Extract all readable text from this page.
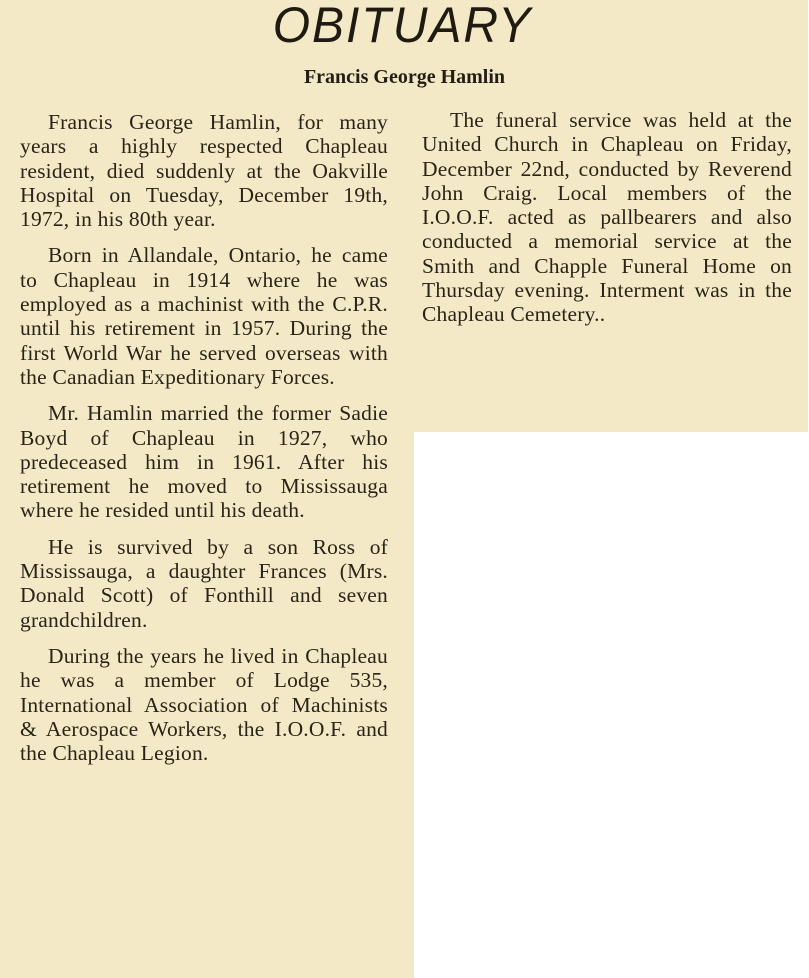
OBITUARY
Francis George Hamlin

Francis George Hamlin, for many years a highly respected Chapleau resident, died suddenly at the Oakville Hospital on Tuesday, December 19th, 1972, in his 80th year.

Born in Allandale, Ontario, he came to Chapleau in 1914 where he was employed as a machinist with the C.P.R. until his retirement in 1957. During the first World War he served overseas with the Canadian Expeditionary Forces.

Mr. Hamlin married the former Sadie Boyd of Chapleau in 1927, who predeceased him in 1961. After his retirement he moved to Mississauga where he resided until his death.

He is survived by a son Ross of Mississauga, a daughter Frances (Mrs. Donald Scott) of Fonthill and seven grandchildren.

During the years he lived in Chapleau he was a member of Lodge 535, International Association of Machinists & Aerospace Workers, the I.O.O.F. and the Chapleau Legion.

The funeral service was held at the United Church in Chapleau on Friday, December 22nd, conducted by Reverend John Craig. Local members of the I.O.O.F. acted as pallbearers and also conducted a memorial service at the Smith and Chapple Funeral Home on Thursday evening. Interment was in the Chapleau Cemetery..
